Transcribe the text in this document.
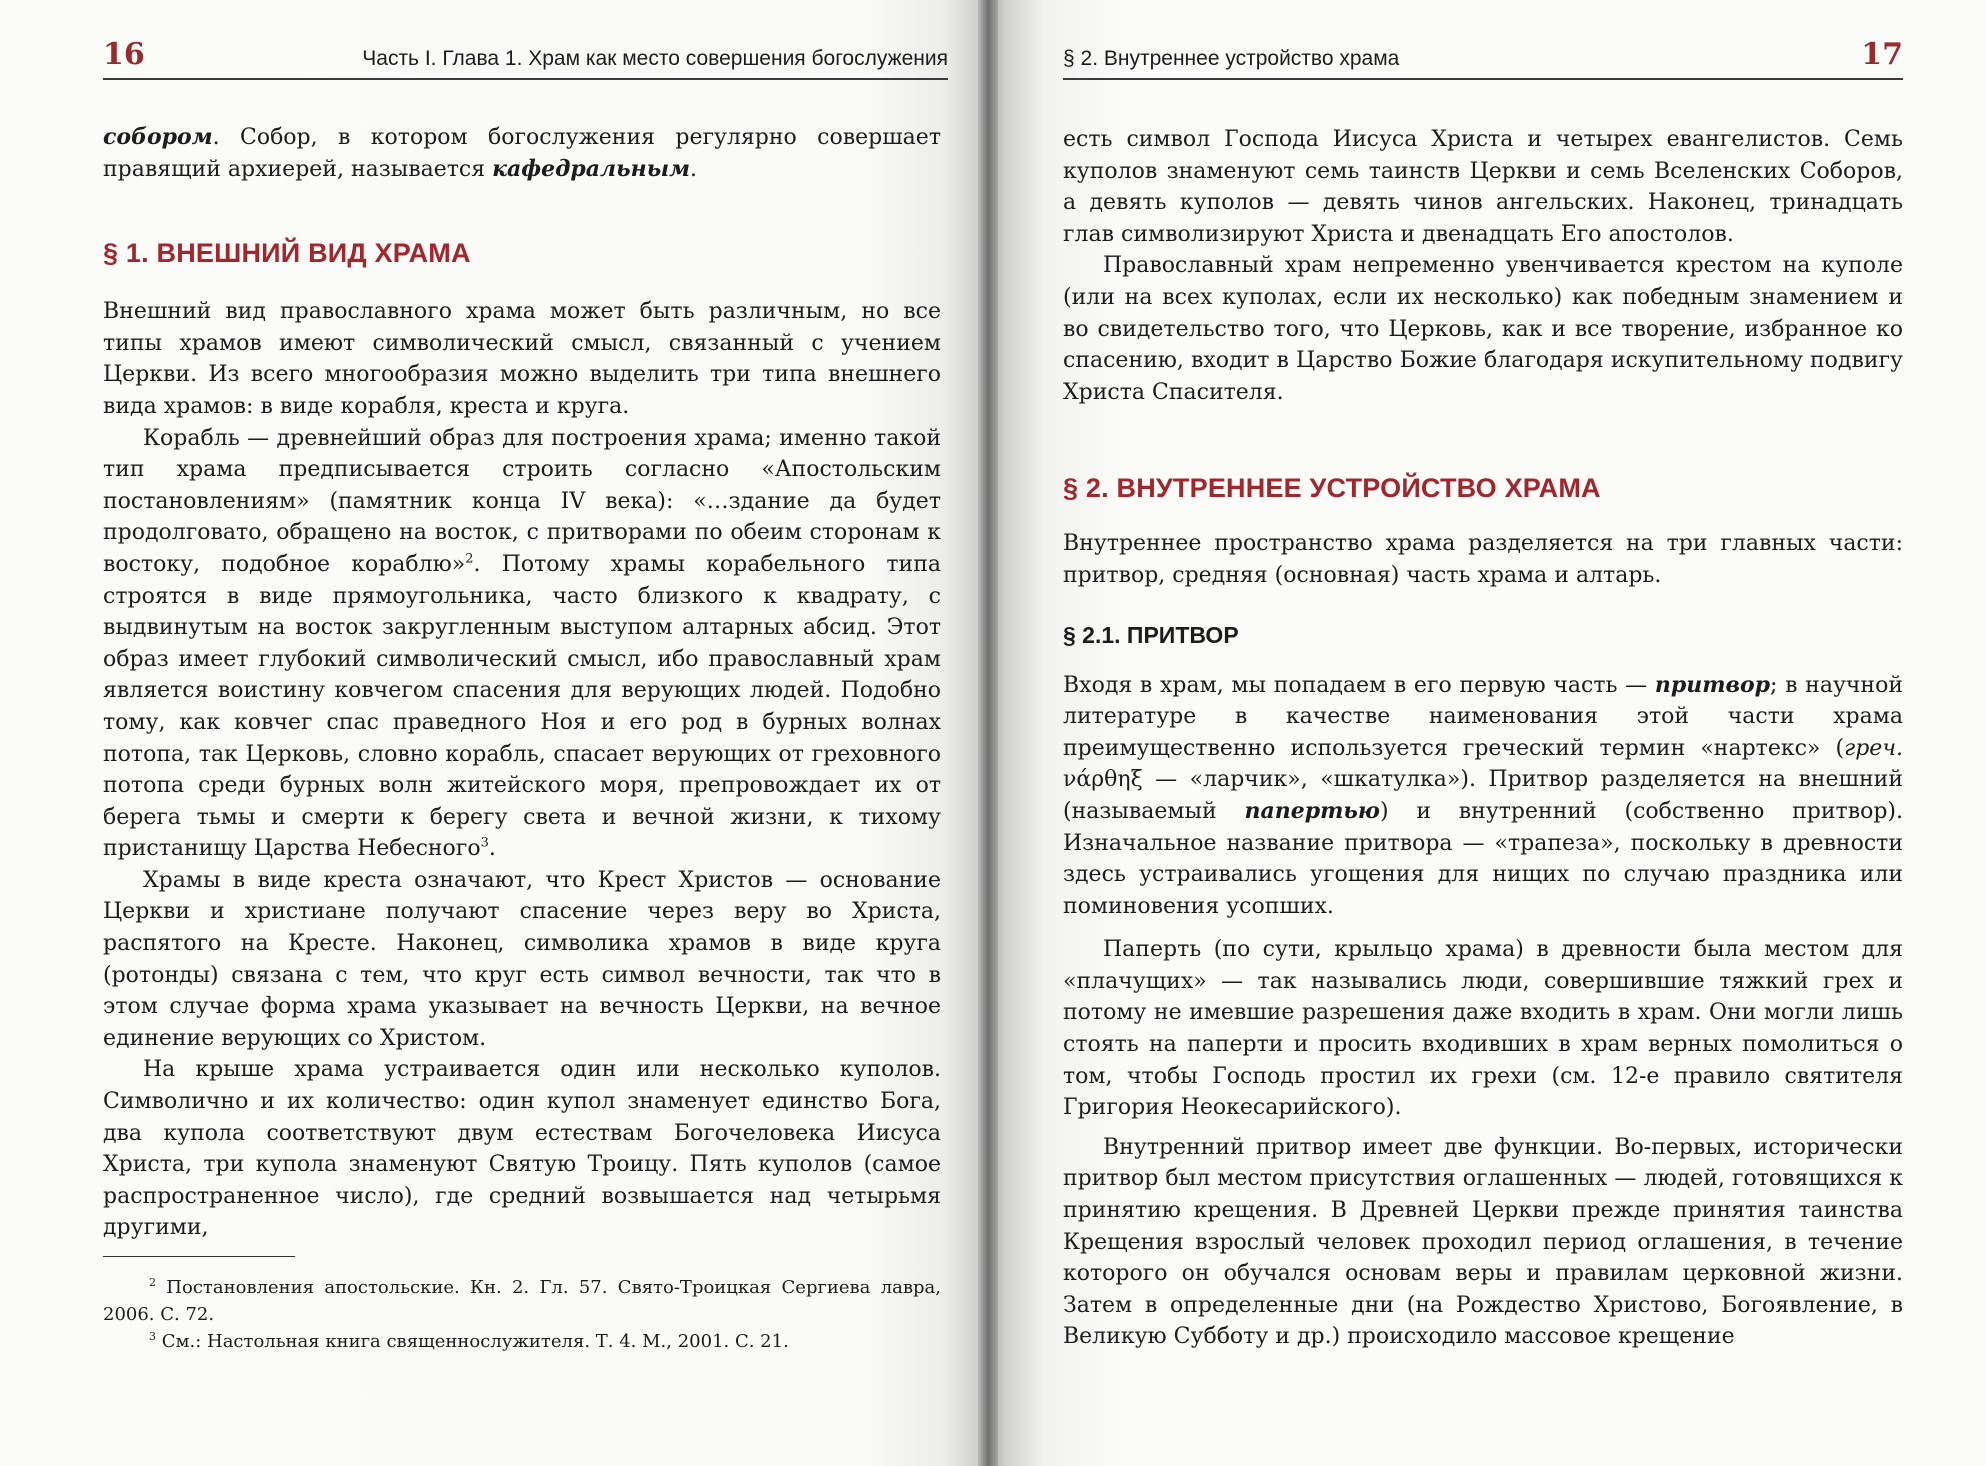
16	Часть I. Глава 1. Храм как место совершения богослужения

собором. Собор, в котором богослужения регулярно совершает правящий архиерей, называется кафедральным.

§ 1. ВНЕШНИЙ ВИД ХРАМА

Внешний вид православного храма может быть различным, но все типы храмов имеют символический смысл, связанный с учением Церкви. Из всего многообразия можно выделить три типа внешнего вида храмов: в виде корабля, креста и круга.

Корабль — древнейший образ для построения храма; именно такой тип храма предписывается строить согласно «Апостольским постановлениям» (памятник конца IV века): «…здание да будет продолговато, обращено на восток, с притворами по обеим сторонам к востоку, подобное кораблю»$^2$. Потому храмы корабельного типа строятся в виде прямоугольника, часто близкого к квадрату, с выдвинутым на восток закругленным выступом алтарных абсид. Этот образ имеет глубокий символический смысл, ибо православный храм является воистину ковчегом спасения для верующих людей. Подобно тому, как ковчег спас праведного Ноя и его род в бурных волнах потопа, так Церковь, словно корабль, спасает верующих от греховного потопа среди бурных волн житейского моря, препровождает их от берега тьмы и смерти к берегу света и вечной жизни, к тихому пристанищу Царства Небесного$^3$.

Храмы в виде креста означают, что Крест Христов — основание Церкви и христиане получают спасение через веру во Христа, распятого на Кресте. Наконец, символика храмов в виде круга (ротонды) связана с тем, что круг есть символ вечности, так что в этом случае форма храма указывает на вечность Церкви, на вечное единение верующих со Христом.

На крыше храма устраивается один или несколько куполов. Символично и их количество: один купол знаменует единство Бога, два купола соответствуют двум естествам Богочеловека Иисуса Христа, три купола знаменуют Святую Троицу. Пять куполов (самое распространенное число), где средний возвышается над четырьмя другими,

$^2$ Постановления апостольские. Кн. 2. Гл. 57. Свято-Троицкая Сергиева лавра, 2006. С. 72.

$^3$ См.: Настольная книга священнослужителя. Т. 4. М., 2001. С. 21.

§ 2. Внутреннее устройство храма	17

есть символ Господа Иисуса Христа и четырех евангелистов. Семь куполов знаменуют семь таинств Церкви и семь Вселенских Соборов, а девять куполов — девять чинов ангельских. Наконец, тринадцать глав символизируют Христа и двенадцать Его апостолов.

Православный храм непременно увенчивается крестом на куполе (или на всех куполах, если их несколько) как победным знамением и во свидетельство того, что Церковь, как и все творение, избранное ко спасению, входит в Царство Божие благодаря искупительному подвигу Христа Спасителя.

§ 2. ВНУТРЕННЕЕ УСТРОЙСТВО ХРАМА

Внутреннее пространство храма разделяется на три главных части: притвор, средняя (основная) часть храма и алтарь.

§ 2.1. ПРИТВОР

Входя в храм, мы попадаем в его первую часть — притвор; в научной литературе в качестве наименования этой части храма преимущественно используется греческий термин «нартекс» (греч. νάρθηξ — «ларчик», «шкатулка»). Притвор разделяется на внешний (называемый папертью) и внутренний (собственно притвор). Изначальное название притвора — «трапеза», поскольку в древности здесь устраивались угощения для нищих по случаю праздника или поминовения усопших.

Паперть (по сути, крыльцо храма) в древности была местом для «плачущих» — так назывались люди, совершившие тяжкий грех и потому не имевшие разрешения даже входить в храм. Они могли лишь стоять на паперти и просить входивших в храм верных помолиться о том, чтобы Господь простил их грехи (см. 12-е правило святителя Григория Неокесарийского).

Внутренний притвор имеет две функции. Во-первых, исторически притвор был местом присутствия оглашенных — людей, готовящихся к принятию крещения. В Древней Церкви прежде принятия таинства Крещения взрослый человек проходил период оглашения, в течение которого он обучался основам веры и правилам церковной жизни. Затем в определенные дни (на Рождество Христово, Богоявление, в Великую Субботу и др.) происходило массовое крещение
